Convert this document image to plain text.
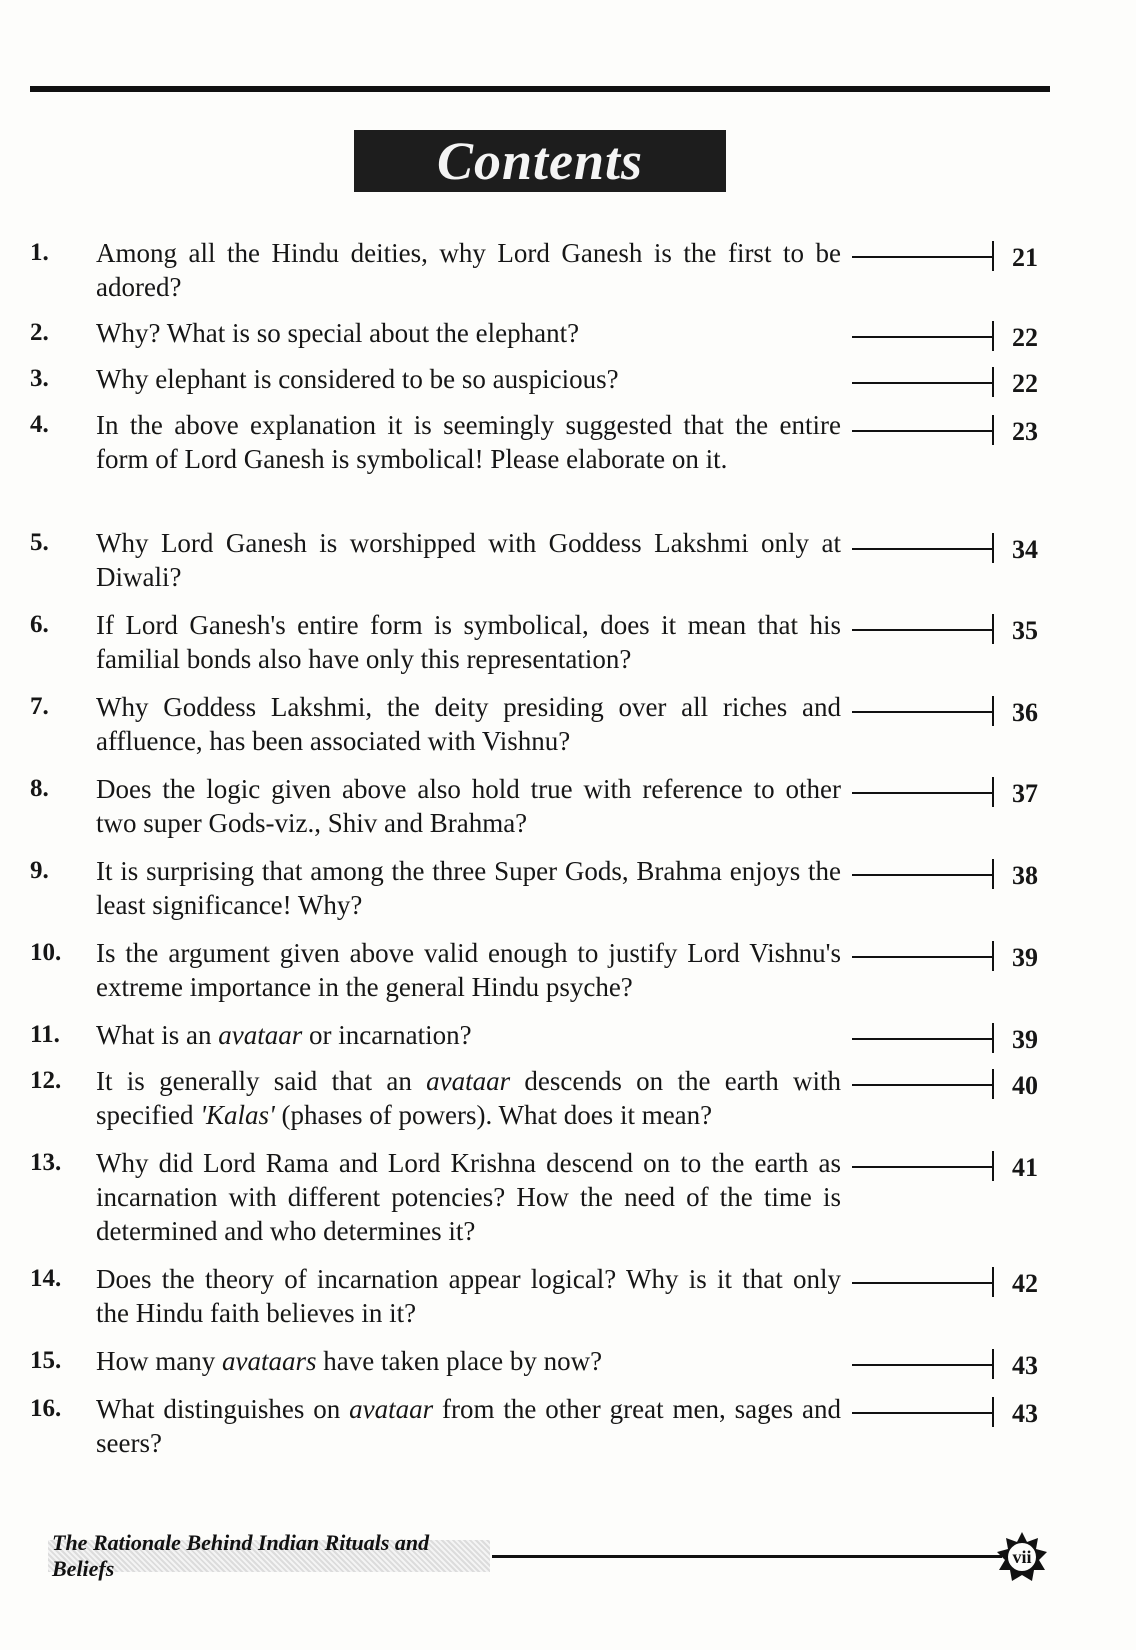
Contents
1. Among all the Hindu deities, why Lord Ganesh is the first to be adored?
21
2. Why? What is so special about the elephant?	22
3. Why elephant is considered to be so auspicious?	22
4. In the above explanation it is seemingly suggested that the entire form of Lord Ganesh is symbolical! Please elaborate on it.
23
5. Why Lord Ganesh is worshipped with Goddess Lakshmi only at Diwali?
34
6. If Lord Ganesh's entire form is symbolical, does it mean that his familial bonds also have only this representation?
35
7. Why Goddess Lakshmi, the deity presiding over all riches and affluence, has been associated with Vishnu?
36
8. Does the logic given above also hold true with reference to other two super Gods-viz., Shiv and Brahma?
37
9. It is surprising that among the three Super Gods, Brahma enjoys the least significance! Why?
38
10. Is the argument given above valid enough to justify Lord Vishnu's extreme importance in the general Hindu psyche?
39
11. What is an avataar or incarnation?	39
12. It is generally said that an avataar descends on the earth with specified 'Kalas' (phases of powers). What does it mean?
40
13. Why did Lord Rama and Lord Krishna descend on to the earth as incarnation with different potencies? How the need of the time is determined and who determines it?
41
14. Does the theory of incarnation appear logical? Why is it that only the Hindu faith believes in it?
42
15. How many avataars have taken place by now?	43
16. What distinguishes on avataar from the other great men, sages and seers?
43
The Rationale Behind Indian Rituals and Beliefs	vii
